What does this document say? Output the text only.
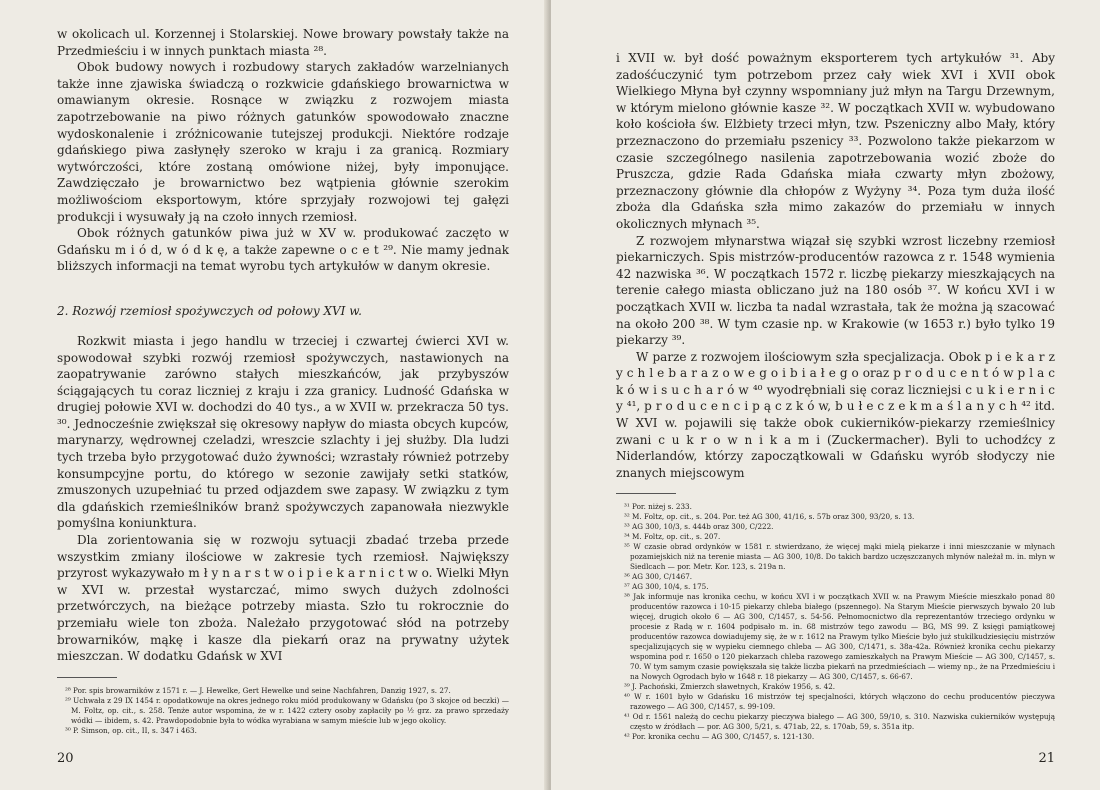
w okolicach ul. Korzennej i Stolarskiej. Nowe browary powstały także na Przedmieściu i w innych punktach miasta ²⁸.

Obok budowy nowych i rozbudowy starych zakładów warzelnianych także inne zjawiska świadczą o rozkwicie gdańskiego browarnictwa w omawianym okresie. Rosnące w związku z rozwojem miasta zapotrzebowanie na piwo różnych gatunków spowodowało znaczne wydoskonalenie i zróżnicowanie tutejszej produkcji. Niektóre rodzaje gdańskiego piwa zasłynęły szeroko w kraju i za granicą. Rozmiary wytwórczości, które zostaną omówione niżej, były imponujące. Zawdzięczało je browarnictwo bez wątpienia głównie szerokim możliwościom eksportowym, które sprzyjały rozwojowi tej gałęzi produkcji i wysuwały ją na czoło innych rzemiosł.

Obok różnych gatunków piwa już w XV w. produkować zaczęto w Gdańsku m i ó d, w ó d k ę, a także zapewne o c e t ²⁹. Nie mamy jednak bliższych informacji na temat wyrobu tych artykułów w danym okresie.

2. Rozwój rzemiosł spożywczych od połowy XVI w.

Rozkwit miasta i jego handlu w trzeciej i czwartej ćwierci XVI w. spowodował szybki rozwój rzemiosł spożywczych, nastawionych na zaopatrywanie zarówno stałych mieszkańców, jak przybyszów ściągających tu coraz liczniej z kraju i zza granicy. Ludność Gdańska w drugiej połowie XVI w. dochodzi do 40 tys., a w XVII w. przekracza 50 tys. ³⁰. Jednocześnie zwiększał się okresowy napływ do miasta obcych kupców, marynarzy, wędrownej czeladzi, wreszcie szlachty i jej służby. Dla ludzi tych trzeba było przygotować dużo żywności; wzrastały również potrzeby konsumpcyjne portu, do którego w sezonie zawijały setki statków, zmuszonych uzupełniać tu przed odjazdem swe zapasy. W związku z tym dla gdańskich rzemieślników branż spożywczych zapanowała niezwykle pomyślna koniunktura.

Dla zorientowania się w rozwoju sytuacji zbadać trzeba przede wszystkim zmiany ilościowe w zakresie tych rzemiosł. Największy przyrost wykazywało m ł y n a r s t w o i p i e k a r n i c t w o. Wielki Młyn w XVI w. przestał wystarczać, mimo swych dużych zdolności przetwórczych, na bieżące potrzeby miasta. Szło tu rokrocznie do przemiału wiele ton zboża. Należało przygotować słód na potrzeby browarników, mąkę i kasze dla piekarń oraz na prywatny użytek mieszczan. W dodatku Gdańsk w XVI

²⁸ Por. spis browarników z 1571 r. — J. Hewelke, Gert Hewelke und seine Nachfahren, Danzig 1927, s. 27.

²⁹ Uchwała z 29 IX 1454 r. opodatkowuje na okres jednego roku miód produkowany w Gdańsku (po 3 skojce od beczki) — M. Foltz, op. cit., s. 258. Tenże autor wspomina, że w r. 1422 cztery osoby zapłaciły po ½ grz. za prawo sprzedaży wódki — ibidem, s. 42. Prawdopodobnie była to wódka wyrabiana w samym mieście lub w jego okolicy.

³⁰ P. Simson, op. cit., II, s. 347 i 463.

20

i XVII w. był dość poważnym eksporterem tych artykułów ³¹. Aby zadośćuczynić tym potrzebom przez cały wiek XVI i XVII obok Wielkiego Młyna był czynny wspomniany już młyn na Targu Drzewnym, w którym mielono głównie kasze ³². W początkach XVII w. wybudowano koło kościoła św. Elżbiety trzeci młyn, tzw. Pszeniczny albo Mały, który przeznaczono do przemiału pszenicy ³³. Pozwolono także piekarzom w czasie szczególnego nasilenia zapotrzebowania wozić zboże do Pruszcza, gdzie Rada Gdańska miała czwarty młyn zbożowy, przeznaczony głównie dla chłopów z Wyżyny ³⁴. Poza tym duża ilość zboża dla Gdańska szła mimo zakazów do przemiału w innych okolicznych młynach ³⁵.

Z rozwojem młynarstwa wiązał się szybki wzrost liczebny rzemiosł piekarniczych. Spis mistrzów-producentów razowca z r. 1548 wymienia 42 nazwiska ³⁶. W początkach 1572 r. liczbę piekarzy mieszkających na terenie całego miasta obliczano już na 180 osób ³⁷. W końcu XVI i w początkach XVII w. liczba ta nadal wzrastała, tak że można ją szacować na około 200 ³⁸. W tym czasie np. w Krakowie (w 1653 r.) było tylko 19 piekarzy ³⁹.

W parze z rozwojem ilościowym szła specjalizacja. Obok p i e k a r z y c h l e b a r a z o w e g o i b i a ł e g o oraz p r o d u c e n t ó w p l a c k ó w i s u c h a r ó w ⁴⁰ wyodrębniali się coraz liczniejsi c u k i e r n i c y ⁴¹, p r o d u c e n c i p ą c z k ó w, b u ł e c z e k m a ś l a n y c h ⁴² itd. W XVI w. pojawili się także obok cukierników-piekarzy rzemieślnicy zwani c u k r o w n i k a m i (Zuckermacher). Byli to uchodźcy z Niderlandów, którzy zapoczątkowali w Gdańsku wyrób słodyczy nie znanych miejscowym

³¹ Por. niżej s. 233.

³² M. Foltz, op. cit., s. 204. Por. też AG 300, 41/16, s. 57b oraz 300, 93/20, s. 13.

³³ AG 300, 10/3, s. 444b oraz 300, C/222.

³⁴ M. Foltz, op. cit., s. 207.

³⁵ W czasie obrad ordynków w 1581 r. stwierdzano, że więcej mąki mielą piekarze i inni mieszczanie w młynach pozamiejskich niż na terenie miasta — AG 300, 10/8. Do takich bardzo uczęszczanych młynów należał m. in. młyn w Siedlcach — por. Metr. Kor. 123, s. 219a n.

³⁶ AG 300, C/1467.

³⁷ AG 300, 10/4, s. 175.

³⁸ Jak informuje nas kronika cechu, w końcu XVI i w początkach XVII w. na Prawym Mieście mieszkało ponad 80 producentów razowca i 10-15 piekarzy chleba białego (pszennego). Na Starym Mieście pierwszych bywało 20 lub więcej, drugich około 6 — AG 300, C/1457, s. 54-56. Pełnomocnictwo dla reprezentantów trzeciego ordynku w procesie z Radą w r. 1604 podpisało m. in. 68 mistrzów tego zawodu — BG, MS 99. Z księgi pamiątkowej producentów razowca dowiadujemy się, że w r. 1612 na Prawym tylko Mieście było już stukilkudziesięciu mistrzów specjalizujących się w wypieku ciemnego chleba — AG 300, C/1471, s. 38a-42a. Również kronika cechu piekarzy wspomina pod r. 1650 o 120 piekarzach chleba razowego zamieszkałych na Prawym Mieście — AG 300, C/1457, s. 70. W tym samym czasie powiększała się także liczba piekarń na przedmieściach — wiemy np., że na Przedmieściu i na Nowych Ogrodach było w 1648 r. 18 piekarzy — AG 300, C/1457, s. 66-67.

³⁹ J. Pachoński, Zmierzch sławetnych, Kraków 1956, s. 42.

⁴⁰ W r. 1601 było w Gdańsku 16 mistrzów tej specjalności, których włączono do cechu producentów pieczywa razowego — AG 300, C/1457, s. 99-109.

⁴¹ Od r. 1561 należą do cechu piekarzy pieczywa białego — AG 300, 59/10, s. 310. Nazwiska cukierników występują często w źródłach — por. AG 300, 5/21, s. 471ab, 22, s. 170ab, 59, s. 351a itp.

⁴² Por. kronika cechu — AG 300, C/1457, s. 121-130.

21
